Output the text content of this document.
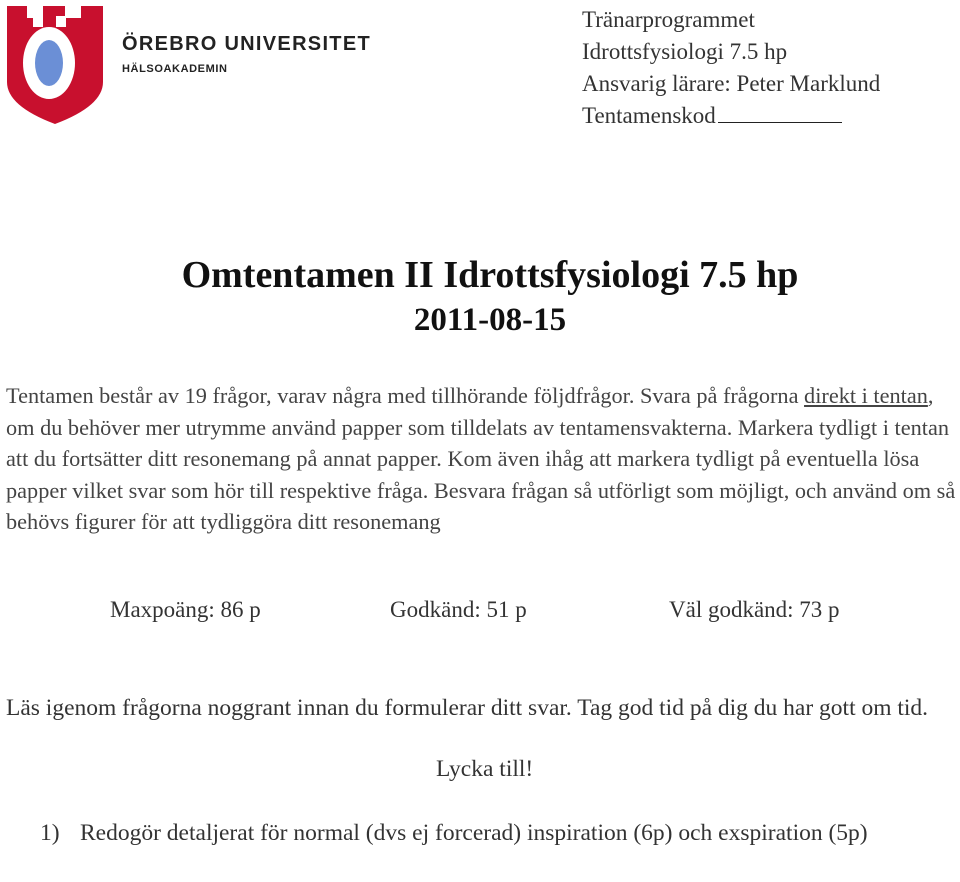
ÖREBRO UNIVERSITET
HÄLSOAKADEMIN
Tränarprogrammet
Idrottsfysiologi 7.5 hp
Ansvarig lärare: Peter Marklund
Tentamenskod
Omtentamen II Idrottsfysiologi 7.5 hp
2011-08-15
Tentamen består av 19 frågor, varav några med tillhörande följdfrågor. Svara på frågorna direkt i tentan, om du behöver mer utrymme använd papper som tilldelats av tentamensvakterna. Markera tydligt i tentan att du fortsätter ditt resonemang på annat papper. Kom även ihåg att markera tydligt på eventuella lösa papper vilket svar som hör till respektive fråga. Besvara frågan så utförligt som möjligt, och använd om så behövs figurer för att tydliggöra ditt resonemang
Maxpoäng: 86 p	Godkänd: 51 p	Väl godkänd: 73 p
Läs igenom frågorna noggrant innan du formulerar ditt svar. Tag god tid på dig du har gott om tid.
Lycka till!
1) Redogör detaljerat för normal (dvs ej forcerad) inspiration (6p) och exspiration (5p)
